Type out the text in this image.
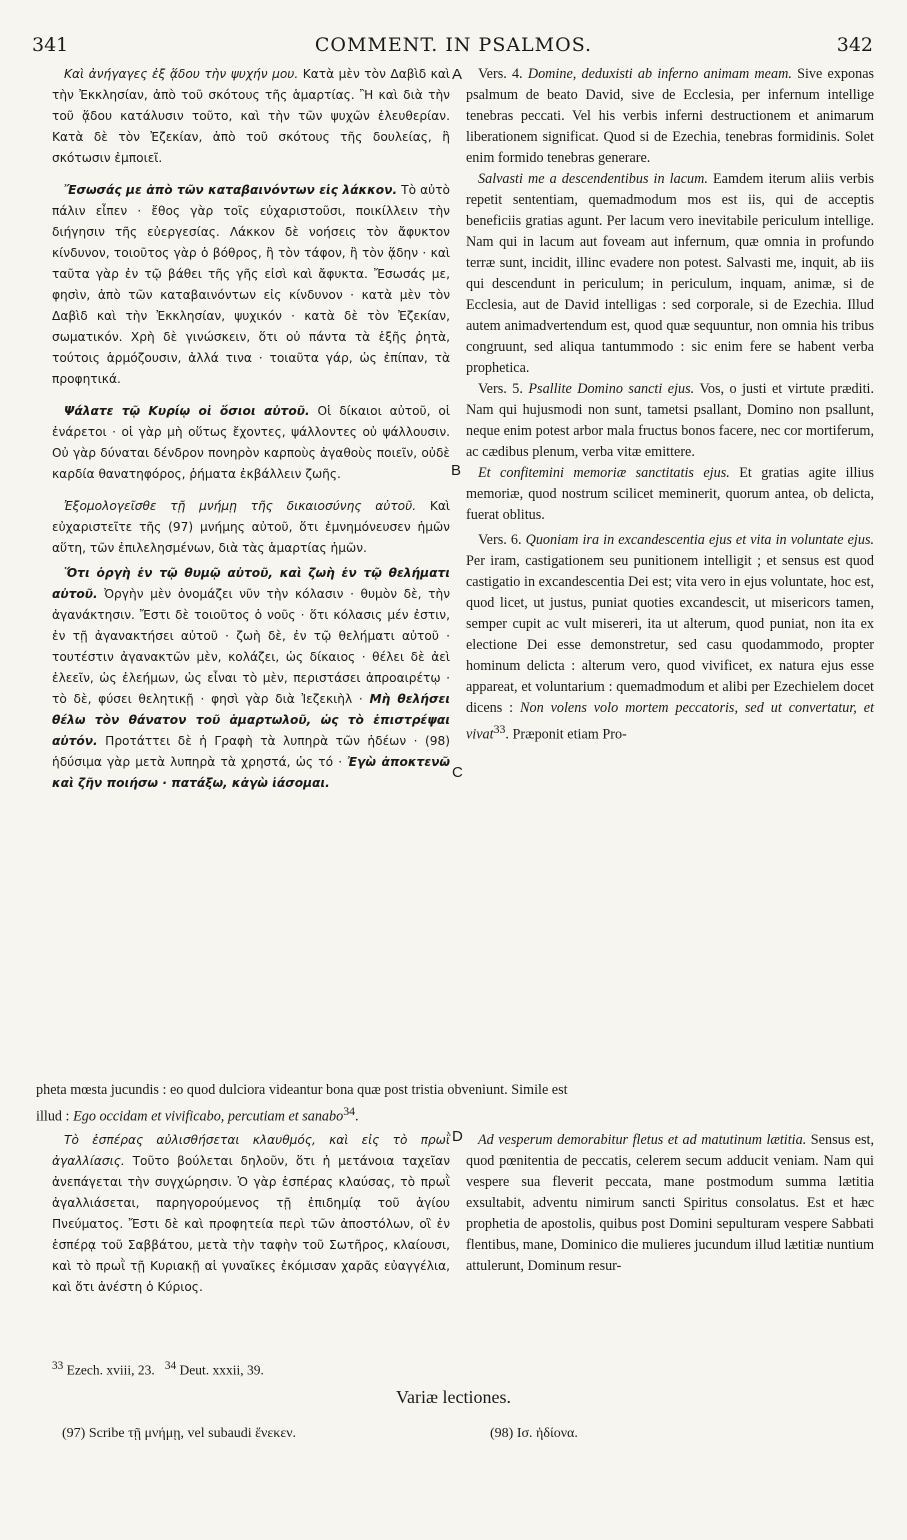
341	COMMENT. IN PSALMOS.	342
A
B
C
D

Καὶ ἀνήγαγες ἐξ ᾅδου τὴν ψυχήν μου. Κατὰ μὲν τὸν Δαβὶδ καὶ τὴν Ἐκκλησίαν, ἀπὸ τοῦ σκότους τῆς ἁμαρτίας. Ἢ καὶ διὰ τὴν τοῦ ᾅδου κατάλυσιν τοῦτο, καὶ τὴν τῶν ψυχῶν ἐλευθερίαν. Κατὰ δὲ τὸν Ἐζεκίαν, ἀπὸ τοῦ σκότους τῆς δουλείας, ἣ σκότωσιν ἐμποιεῖ.

Ἔσωσάς με ἀπὸ τῶν καταβαινόντων εἰς λάκκον. Τὸ αὐτὸ πάλιν εἶπεν · ἔθος γὰρ τοῖς εὐχαριστοῦσι, ποικίλλειν τὴν διήγησιν τῆς εὐεργεσίας. Λάκκον δὲ νοήσεις τὸν ἄφυκτον κίνδυνον, τοιοῦτος γὰρ ὁ βόθρος, ἢ τὸν τάφον, ἢ τὸν ᾅδην · καὶ ταῦτα γὰρ ἐν τῷ βάθει τῆς γῆς εἰσὶ καὶ ἄφυκτα. Ἔσωσάς με, φησὶν, ἀπὸ τῶν καταβαινόντων εἰς κίνδυνον · κατὰ μὲν τὸν Δαβὶδ καὶ τὴν Ἐκκλησίαν, ψυχικόν · κατὰ δὲ τὸν Ἐζεκίαν, σωματικόν. Χρὴ δὲ γινώσκειν, ὅτι οὐ πάντα τὰ ἑξῆς ῥητὰ, τούτοις ἁρμόζουσιν, ἀλλά τινα · τοιαῦτα γάρ, ὡς ἐπίπαν, τὰ προφητικά.

Ψάλατε τῷ Κυρίῳ οἱ ὅσιοι αὐτοῦ. Οἱ δίκαιοι αὐτοῦ, οἱ ἐνάρετοι · οἱ γὰρ μὴ οὕτως ἔχοντες, ψάλλοντες οὐ ψάλλουσιν. Οὐ γὰρ δύναται δένδρον πονηρὸν καρποὺς ἀγαθοὺς ποιεῖν, οὐδὲ καρδία θανατηφόρος, ῥήματα ἐκβάλλειν ζωῆς.

Ἐξομολογεῖσθε τῇ μνήμῃ τῆς δικαιοσύνης αὐτοῦ. Καὶ εὐχαριστεῖτε τῆς (97) μνήμης αὐτοῦ, ὅτι ἐμνημόνευσεν ἡμῶν αὕτη, τῶν ἐπιλελησμένων, διὰ τὰς ἁμαρτίας ἡμῶν.

Ὅτι ὀργὴ ἐν τῷ θυμῷ αὐτοῦ, καὶ ζωὴ ἐν τῷ θελήματι αὐτοῦ. Ὀργὴν μὲν ὀνομάζει νῦν τὴν κόλασιν · θυμὸν δὲ, τὴν ἀγανάκτησιν. Ἔστι δὲ τοιοῦτος ὁ νοῦς · ὅτι κόλασις μέν ἐστιν, ἐν τῇ ἀγανακτήσει αὐτοῦ · ζωὴ δὲ, ἐν τῷ θελήματι αὐτοῦ · τουτέστιν ἀγανακτῶν μὲν, κολάζει, ὡς δίκαιος · θέλει δὲ ἀεὶ ἐλεεῖν, ὡς ἐλεήμων, ὡς εἶναι τὸ μὲν, περιστάσει ἀπροαιρέτῳ · τὸ δὲ, φύσει θελητικῇ · φησὶ γὰρ διὰ Ἰεζεκιὴλ · Μὴ θελήσει θέλω τὸν θάνατον τοῦ ἁμαρτωλοῦ, ὡς τὸ ἐπιστρέψαι αὐτόν. Προτάττει δὲ ἡ Γραφὴ τὰ λυπηρὰ τῶν ἡδέων · (98) ἡδύσιμα γὰρ μετὰ λυπηρὰ τὰ χρηστά, ὡς τό · Ἐγὼ ἀποκτενῶ καὶ ζῆν ποιήσω · πατάξω, κἀγὼ ἰάσομαι.

Vers. 4. Domine, deduxisti ab inferno animam meam. Sive exponas psalmum de beato David, sive de Ecclesia, per infernum intellige tenebras peccati. Vel his verbis inferni destructionem et animarum liberationem significat. Quod si de Ezechia, tenebras formidinis. Solet enim formido tenebras generare.

Salvasti me a descendentibus in lacum. Eamdem iterum aliis verbis repetit sententiam, quemadmodum mos est iis, qui de acceptis beneficiis gratias agunt. Per lacum vero inevitabile periculum intellige. Nam qui in lacum aut foveam aut infernum, quæ omnia in profundo terræ sunt, incidit, illinc evadere non potest. Salvasti me, inquit, ab iis qui descendunt in periculum; in periculum, inquam, animæ, si de Ecclesia, aut de David intelligas : sed corporale, si de Ezechia. Illud autem animadvertendum est, quod quæ sequuntur, non omnia his tribus congruunt, sed aliqua tantummodo : sic enim fere se habent verba prophetica.

Vers. 5. Psallite Domino sancti ejus. Vos, o justi et virtute præditi. Nam qui hujusmodi non sunt, tametsi psallant, Domino non psallunt, neque enim potest arbor mala fructus bonos facere, nec cor mortiferum, ac cædibus plenum, verba vitæ emittere.

Et confitemini memoriæ sanctitatis ejus. Et gratias agite illius memoriæ, quod nostrum scilicet meminerit, quorum antea, ob delicta, fuerat oblitus.

Vers. 6. Quoniam ira in excandescentia ejus et vita in voluntate ejus. Per iram, castigationem seu punitionem intelligit ; et sensus est quod castigatio in excandescentia Dei est; vita vero in ejus voluntate, hoc est, quod licet, ut justus, puniat quoties excandescit, ut misericors tamen, semper cupit ac vult misereri, ita ut alterum, quod puniat, non ita ex electione Dei esse demonstretur, sed casu quodammodo, propter hominum delicta : alterum vero, quod vivificet, ex natura ejus esse appareat, et voluntarium : quemadmodum et alibi per Ezechielem docet dicens : Non volens volo mortem peccatoris, sed ut convertatur, et vivat$^{33}$. Præponit etiam Pro-

pheta mœsta jucundis : eo quod dulciora videantur bona quæ post tristia obveniunt. Simile est
illud : Ego occidam et vivificabo, percutiam et sanabo$^{34}$.

Τὸ ἑσπέρας αὐλισθήσεται κλαυθμός, καὶ εἰς τὸ πρωῒ ἀγαλλίασις. Τοῦτο βούλεται δηλοῦν, ὅτι ἡ μετάνοια ταχεῖαν ἀνεπάγεται τὴν συγχώρησιν. Ὁ γὰρ ἑσπέρας κλαύσας, τὸ πρωῒ ἀγαλλιάσεται, παρηγορούμενος τῇ ἐπιδημίᾳ τοῦ ἁγίου Πνεύματος. Ἔστι δὲ καὶ προφητεία περὶ τῶν ἀποστόλων, οἳ ἐν ἑσπέρᾳ τοῦ Σαββάτου, μετὰ τὴν ταφὴν τοῦ Σωτῆρος, κλαίουσι, καὶ τὸ πρωῒ τῇ Κυριακῇ αἱ γυναῖκες ἐκόμισαν χαρᾶς εὐαγγέλια, καὶ ὅτι ἀνέστη ὁ Κύριος.

Ad vesperum demorabitur fletus et ad matutinum lætitia. Sensus est, quod pœnitentia de peccatis, celerem secum adducit veniam. Nam qui vespere sua fleverit peccata, mane postmodum summa lætitia exsultabit, adventu nimirum sancti Spiritus consolatus. Est et hæc prophetia de apostolis, quibus post Domini sepulturam vespere Sabbati flentibus, mane, Dominico die mulieres jucundum illud lætitiæ nuntium attulerunt, Dominum resur-

$^{33}$ Ezech. xviii, 23. $^{34}$ Deut. xxxii, 39.
Variæ lectiones.
(97) Scribe τῇ μνήμῃ, vel subaudi ἕνεκεν.	(98) Ισ. ἡδίονα.
